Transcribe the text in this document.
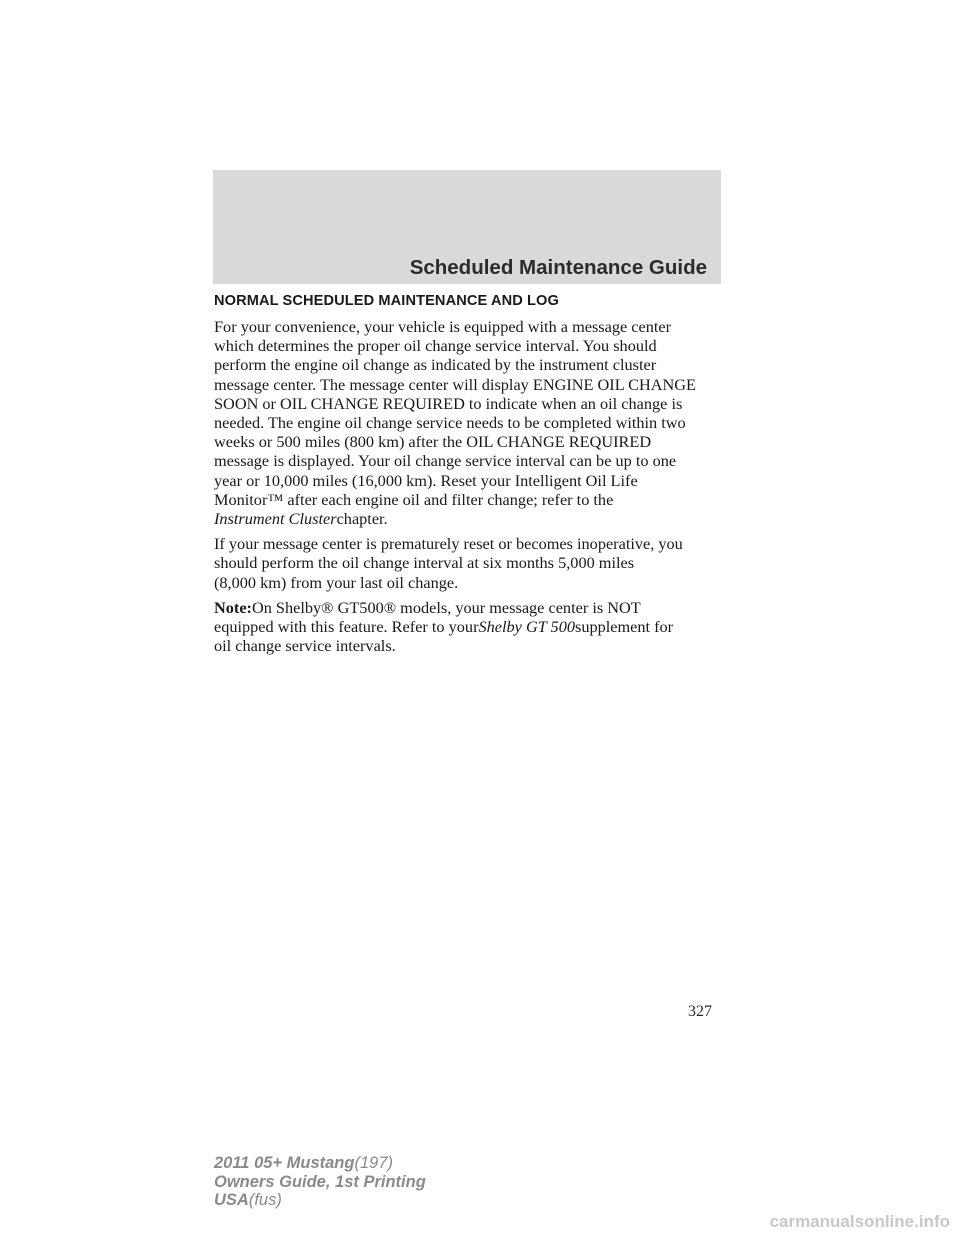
Scheduled Maintenance Guide
NORMAL SCHEDULED MAINTENANCE AND LOG
For your convenience, your vehicle is equipped with a message center
which determines the proper oil change service interval. You should
perform the engine oil change as indicated by the instrument cluster
message center. The message center will display ENGINE OIL CHANGE
SOON or OIL CHANGE REQUIRED to indicate when an oil change is
needed. The engine oil change service needs to be completed within two
weeks or 500 miles (800 km) after the OIL CHANGE REQUIRED
message is displayed. Your oil change service interval can be up to one
year or 10,000 miles (16,000 km). Reset your Intelligent Oil Life
Monitor™ after each engine oil and filter change; refer to the
Instrument Clusterchapter.
If your message center is prematurely reset or becomes inoperative, you
should perform the oil change interval at six months 5,000 miles
(8,000 km) from your last oil change.
Note:On Shelby® GT500® models, your message center is NOT
equipped with this feature. Refer to yourShelby GT 500supplement for
oil change service intervals.
327
2011 05+ Mustang(197)
Owners Guide, 1st Printing
USA(fus)
carmanualsonline.info
